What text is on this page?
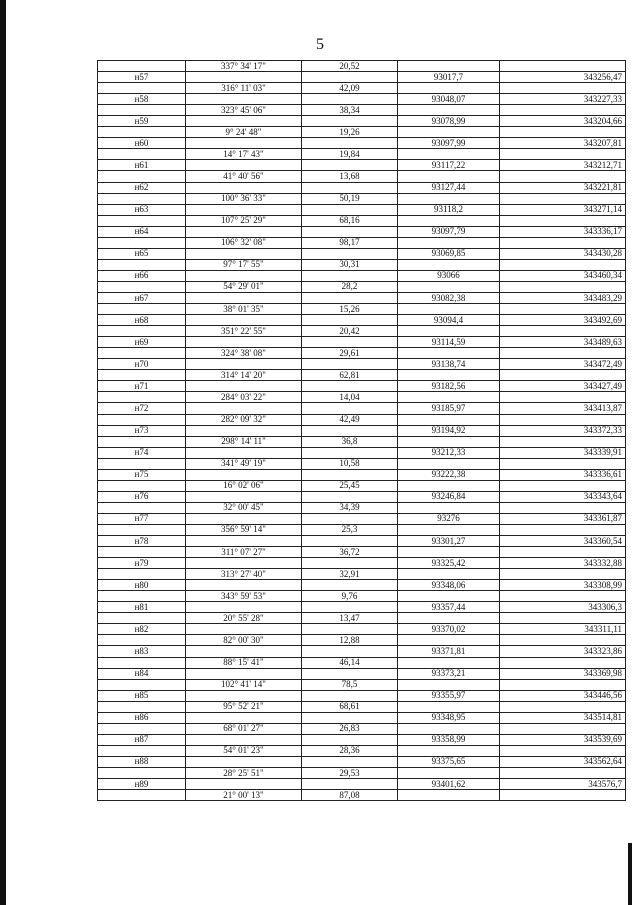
5
	337° 34' 17"	20,52		
н57			93017,7	343256,47
	316° 11' 03"	42,09		
н58			93048,07	343227,33
	323° 45' 06"	38,34		
н59			93078,99	343204,66
	9° 24' 48"	19,26		
н60			93097,99	343207,81
	14° 17' 43"	19,84		
н61			93117,22	343212,71
	41° 40' 56"	13,68		
н62			93127,44	343221,81
	100° 36' 33"	50,19		
н63			93118,2	343271,14
	107° 25' 29"	68,16		
н64			93097,79	343336,17
	106° 32' 08"	98,17		
н65			93069,85	343430,28
	97° 17' 55"	30,31		
н66			93066	343460,34
	54° 29' 01"	28,2		
н67			93082,38	343483,29
	38° 01' 35"	15,26		
н68			93094,4	343492,69
	351° 22' 55"	20,42		
н69			93114,59	343489,63
	324° 38' 08"	29,61		
н70			93138,74	343472,49
	314° 14' 20"	62,81		
н71			93182,56	343427,49
	284° 03' 22"	14,04		
н72			93185,97	343413,87
	282° 09' 32"	42,49		
н73			93194,92	343372,33
	298° 14' 11"	36,8		
н74			93212,33	343339,91
	341° 49' 19"	10,58		
н75			93222,38	343336,61
	16° 02' 06"	25,45		
н76			93246,84	343343,64
	32° 00' 45"	34,39		
н77			93276	343361,87
	356° 59' 14"	25,3		
н78			93301,27	343360,54
	311° 07' 27"	36,72		
н79			93325,42	343332,88
	313° 27' 40"	32,91		
н80			93348,06	343308,99
	343° 59' 53"	9,76		
н81			93357,44	343306,3
	20° 55' 28"	13,47		
н82			93370,02	343311,11
	82° 00' 30"	12,88		
н83			93371,81	343323,86
	88° 15' 41"	46,14		
н84			93373,21	343369,98
	102° 41' 14"	78,5		
н85			93355,97	343446,56
	95° 52' 21"	68,61		
н86			93348,95	343514,81
	68° 01' 27"	26,83		
н87			93358,99	343539,69
	54° 01' 23"	28,36		
н88			93375,65	343562,64
	28° 25' 51"	29,53		
н89			93401,62	343576,7
	21° 00' 13"	87,08		
